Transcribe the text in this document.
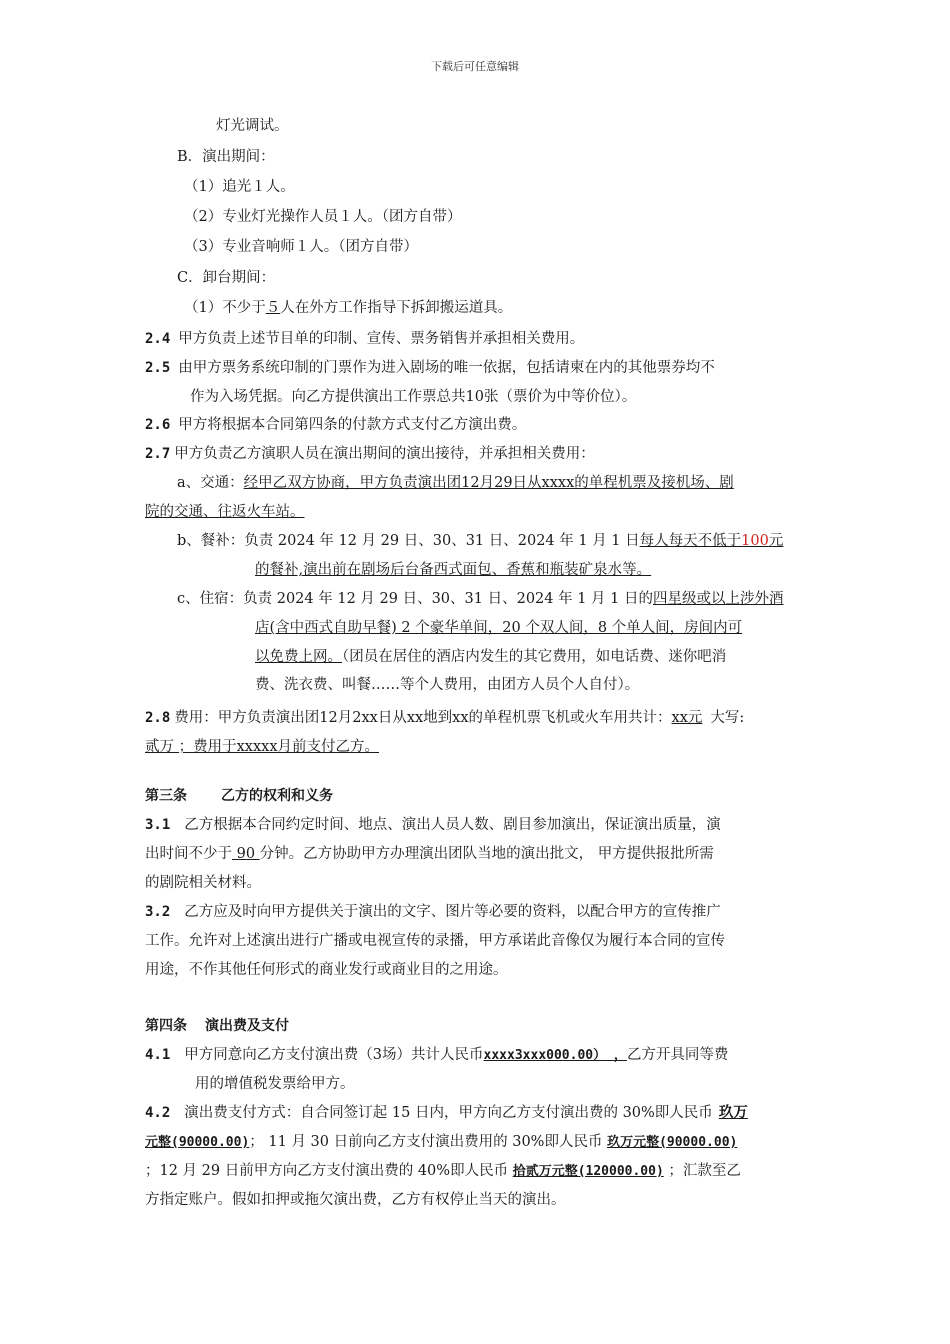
下载后可任意编辑
灯光调试。
B．演出期间：
（1）追光１人。
（2）专业灯光操作人员１人。（团方自带）
（3）专业音响师１人。（团方自带）
C．卸台期间：
（1）不少于５人在外方工作指导下拆卸搬运道具。
2.4 甲方负责上述节目单的印制、宣传、票务销售并承担相关费用。
2.5 由甲方票务系统印制的门票作为进入剧场的唯一依据，包括请柬在内的其他票券均不
作为入场凭据。向乙方提供演出工作票总共10张（票价为中等价位）。
2.6 甲方将根据本合同第四条的付款方式支付乙方演出费。
2.7 甲方负责乙方演职人员在演出期间的演出接待，并承担相关费用：
a、交通：经甲乙双方协商，甲方负责演出团12月29日从xxxx的单程机票及接机场、剧
院的交通、往返火车站。
b、餐补：负责 2024 年 12 月 29 日、30、31 日、2024 年 1 月 1 日每人每天不低于100元
的餐补,演出前在剧场后台备西式面包、香蕉和瓶装矿泉水等。
c、住宿：负责 2024 年 12 月 29 日、30、31 日、2024 年 1 月 1 日的四星级或以上涉外酒
店(含中西式自助早餐) 2 个豪华单间，20 个双人间，8 个单人间，房间内可
以免费上网。（团员在居住的酒店内发生的其它费用，如电话费、迷你吧消
费、洗衣费、叫餐……等个人费用，由团方人员个人自付）。
2.8 费用：甲方负责演出团12月2xx日从xx地到xx的单程机票飞机或火车用共计：xx元 大写:
贰万 ；费用于xxxxx月前支付乙方。
第三条 乙方的权利和义务
3.1 乙方根据本合同约定时间、地点、演出人员人数、剧目参加演出，保证演出质量，演
出时间不少于 90 分钟。乙方协助甲方办理演出团队当地的演出批文， 甲方提供报批所需
的剧院相关材料。
3.2 乙方应及时向甲方提供关于演出的文字、图片等必要的资料，以配合甲方的宣传推广
工作。允许对上述演出进行广播或电视宣传的录播，甲方承诺此音像仅为履行本合同的宣传
用途，不作其他任何形式的商业发行或商业目的之用途。
第四条 演出费及支付
4.1 甲方同意向乙方支付演出费（3场）共计人民币xxxx3xxx000.00） ，乙方开具同等费
用的增值税发票给甲方。
4.2 演出费支付方式：自合同签订起 15 日内，甲方向乙方支付演出费的 30%即人民币 玖万
元整(90000.00)； 11 月 30 日前向乙方支付演出费用的 30%即人民币 玖万元整(90000.00)
；12 月 29 日前甲方向乙方支付演出费的 40%即人民币 拾贰万元整(120000.00) ；汇款至乙
方指定账户。假如扣押或拖欠演出费，乙方有权停止当天的演出。
